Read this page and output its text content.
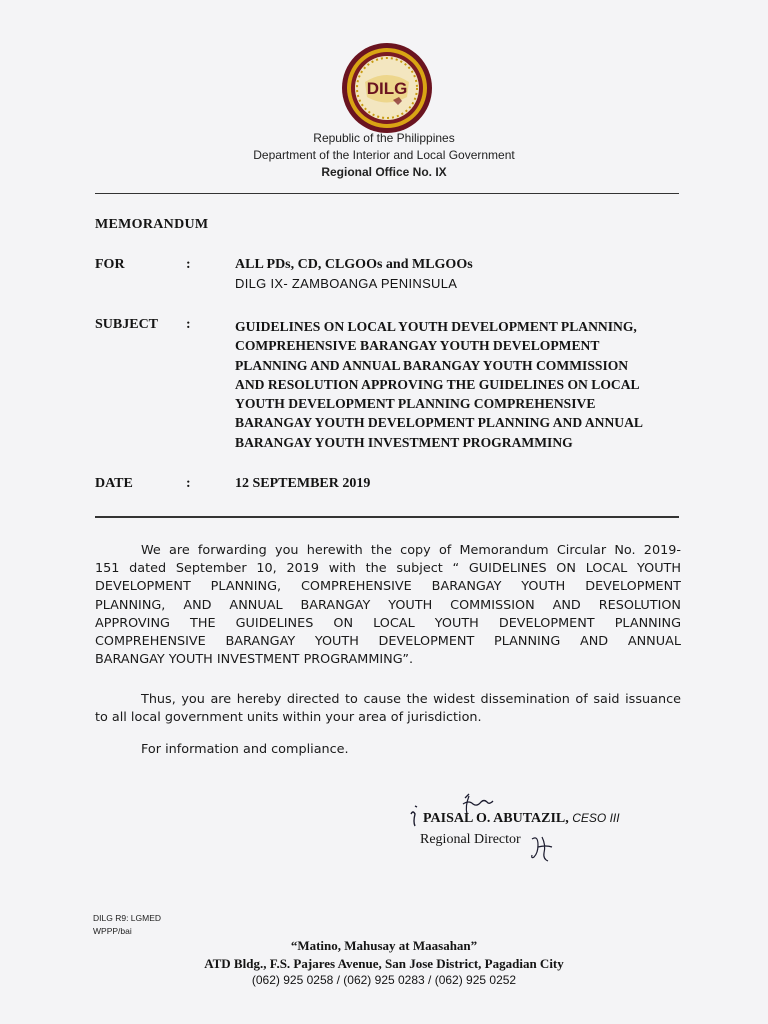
DILG
Republic of the Philippines
Department of the Interior and Local Government
Regional Office No. IX
MEMORANDUM
FOR	:	ALL PDs, CD, CLGOOs and MLGOOs
DILG IX- ZAMBOANGA PENINSULA
SUBJECT :	GUIDELINES ON LOCAL YOUTH DEVELOPMENT PLANNING,
COMPREHENSIVE BARANGAY YOUTH DEVELOPMENT
PLANNING AND ANNUAL BARANGAY YOUTH COMMISSION
AND RESOLUTION APPROVING THE GUIDELINES ON LOCAL
YOUTH DEVELOPMENT PLANNING COMPREHENSIVE
BARANGAY YOUTH DEVELOPMENT PLANNING AND ANNUAL
BARANGAY YOUTH INVESTMENT PROGRAMMING
DATE	:	12 SEPTEMBER 2019
We are forwarding you herewith the copy of Memorandum Circular No. 2019-
151 dated September 10, 2019 with the subject “ GUIDELINES ON LOCAL YOUTH
DEVELOPMENT PLANNING, COMPREHENSIVE BARANGAY YOUTH DEVELOPMENT
PLANNING, AND ANNUAL BARANGAY YOUTH COMMISSION AND RESOLUTION
APPROVING THE GUIDELINES ON LOCAL YOUTH DEVELOPMENT PLANNING
COMPREHENSIVE BARANGAY YOUTH DEVELOPMENT PLANNING AND ANNUAL
BARANGAY YOUTH INVESTMENT PROGRAMMING”.
Thus, you are hereby directed to cause the widest dissemination of said issuance
to all local government units within your area of jurisdiction.
For information and compliance.
PAISAL O. ABUTAZIL, CESO III
Regional Director
DILG R9: LGMED
WPPP/bai
“Matino, Mahusay at Maasahan”
ATD Bldg., F.S. Pajares Avenue, San Jose District, Pagadian City
(062) 925 0258 / (062) 925 0283 / (062) 925 0252
